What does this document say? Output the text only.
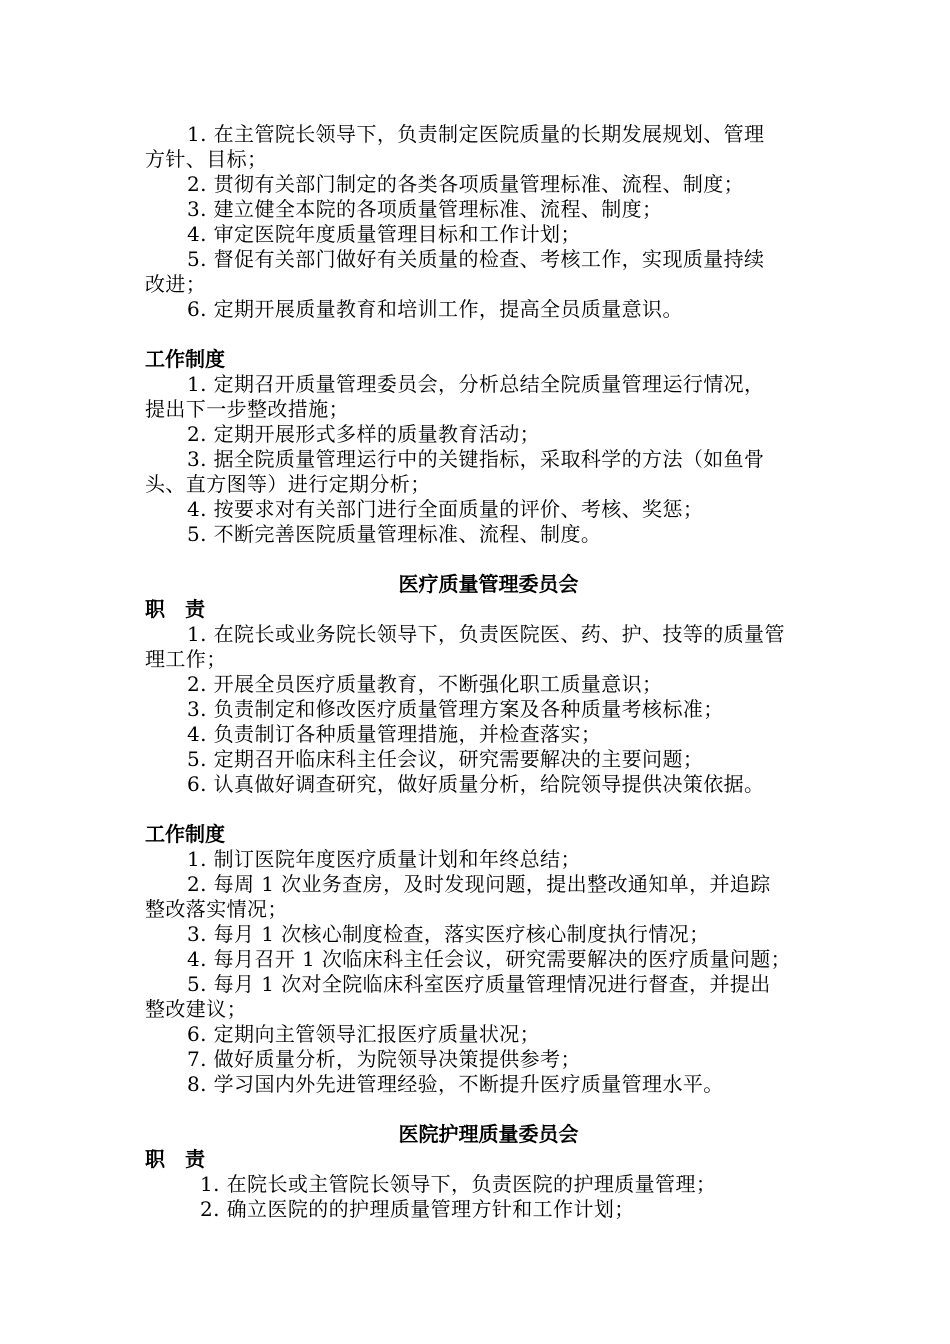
1. 在主管院长领导下，负责制定医院质量的长期发展规划、管理
方针、目标；
2. 贯彻有关部门制定的各类各项质量管理标准、流程、制度；
3. 建立健全本院的各项质量管理标准、流程、制度；
4. 审定医院年度质量管理目标和工作计划；
5. 督促有关部门做好有关质量的检查、考核工作，实现质量持续
改进；
6. 定期开展质量教育和培训工作，提高全员质量意识。
工作制度
1. 定期召开质量管理委员会，分析总结全院质量管理运行情况，
提出下一步整改措施；
2. 定期开展形式多样的质量教育活动；
3. 据全院质量管理运行中的关键指标，采取科学的方法（如鱼骨
头、直方图等）进行定期分析；
4. 按要求对有关部门进行全面质量的评价、考核、奖惩；
5. 不断完善医院质量管理标准、流程、制度。
医疗质量管理委员会
职　责
1. 在院长或业务院长领导下，负责医院医、药、护、技等的质量管
理工作；
2. 开展全员医疗质量教育，不断强化职工质量意识；
3. 负责制定和修改医疗质量管理方案及各种质量考核标准；
4. 负责制订各种质量管理措施，并检查落实；
5. 定期召开临床科主任会议，研究需要解决的主要问题；
6. 认真做好调查研究，做好质量分析，给院领导提供决策依据。
工作制度
1. 制订医院年度医疗质量计划和年终总结；
2. 每周 1 次业务查房，及时发现问题，提出整改通知单，并追踪
整改落实情况；
3. 每月 1 次核心制度检查，落实医疗核心制度执行情况；
4. 每月召开 1 次临床科主任会议，研究需要解决的医疗质量问题；
5. 每月 1 次对全院临床科室医疗质量管理情况进行督查，并提出
整改建议；
6. 定期向主管领导汇报医疗质量状况；
7. 做好质量分析，为院领导决策提供参考；
8. 学习国内外先进管理经验，不断提升医疗质量管理水平。
医院护理质量委员会
职　责
1. 在院长或主管院长领导下，负责医院的护理质量管理；
2. 确立医院的的护理质量管理方针和工作计划；
